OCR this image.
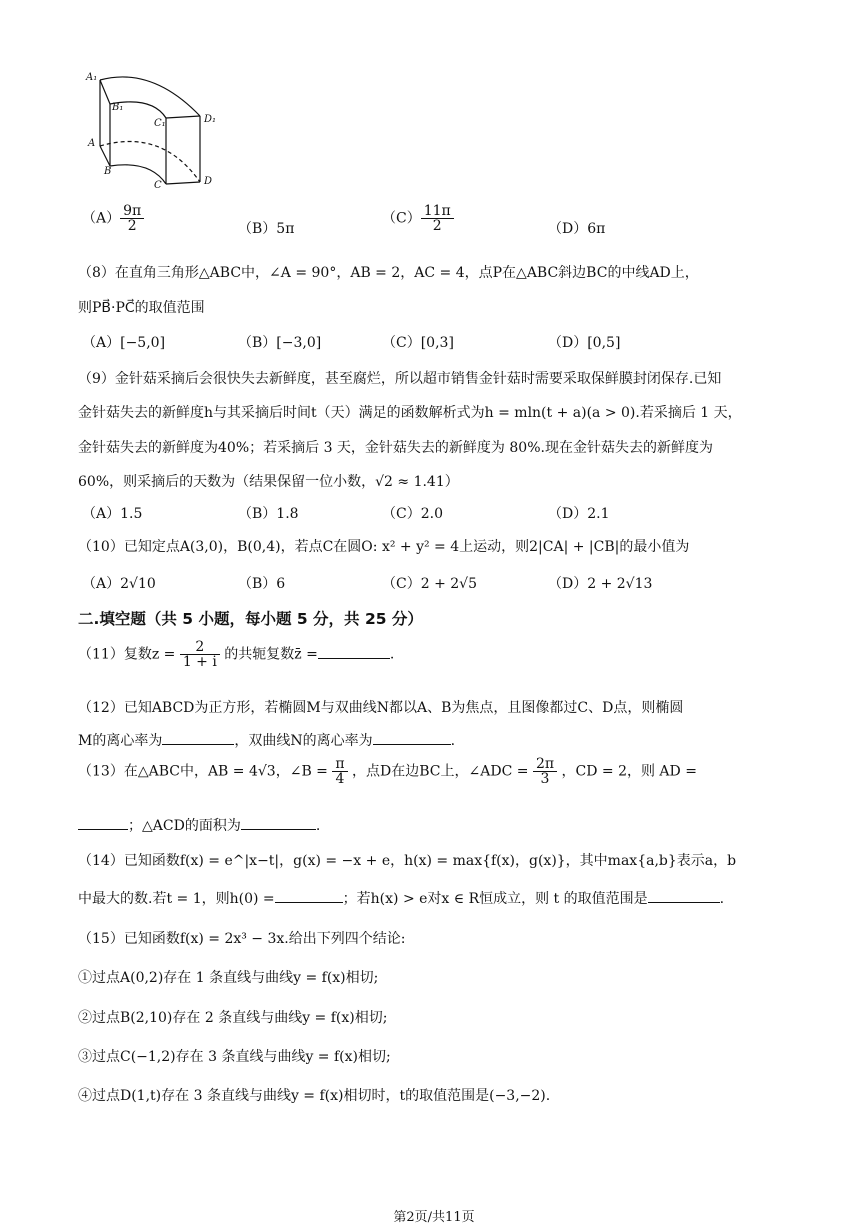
A₁
B₁
C₁	D₁
A
B
C	D
$(A) \frac{9\pi}{2}$	（B）5π
$(C) \frac{11\pi}{2}$	（D）6π
（8）在直角三角形△ABC中，∠A = 90°，AB = 2，AC = 4，点P在△ABC斜边BC的中线AD上，
则PB⃗·PC⃗的取值范围
（A）[−5,0]	（B）[−3,0]	（C）[0,3]	（D）[0,5]
（9）金针菇采摘后会很快失去新鲜度，甚至腐烂，所以超市销售金针菇时需要采取保鲜膜封闭保存.已知
金针菇失去的新鲜度h与其采摘后时间t（天）满足的函数解析式为h = mln(t + a)(a > 0).若采摘后 1 天，
金针菇失去的新鲜度为40%；若采摘后 3 天，金针菇失去的新鲜度为 80%.现在金针菇失去的新鲜度为
60%，则采摘后的天数为（结果保留一位小数，√2 ≈ 1.41）
（A）1.5	（B）1.8	（C）2.0	（D）2.1
（10）已知定点A(3,0)，B(0,4)，若点C在圆O: x² + y² = 4上运动，则2|CA| + |CB|的最小值为
（A）2√10	（B）6	（C）2 + 2√5	（D）2 + 2√13
二.填空题（共 5 小题，每小题 5 分，共 25 分）
（11）复数$z = \frac{2}{1 + i}$ 的共轭复数z̄ =	.
（12）已知ABCD为正方形，若椭圆M与双曲线N都以A、B为焦点，且图像都过C、D点，则椭圆
M的离心率为	，双曲线N的离心率为	.
（13）在△ABC中，AB = 4√3，∠B = $\frac{\pi}{4}$ ，点D在边BC上，∠ADC = $\frac{2\pi}{3}$ ，CD = 2，则 AD =
；△ACD的面积为	.
（14）已知函数f(x) = e^|x−t|，g(x) = −x + e，h(x) = max{f(x)，g(x)}，其中max{a,b}表示a，b
中最大的数.若t = 1，则h(0) =	；若h(x) > e对x ∈ R恒成立，则 t 的取值范围是	.
（15）已知函数f(x) = 2x³ − 3x.给出下列四个结论:
①过点A(0,2)存在 1 条直线与曲线y = f(x)相切;
②过点B(2,10)存在 2 条直线与曲线y = f(x)相切;
③过点C(−1,2)存在 3 条直线与曲线y = f(x)相切;
④过点D(1,t)存在 3 条直线与曲线y = f(x)相切时，t的取值范围是(−3,−2).
第2页/共11页
